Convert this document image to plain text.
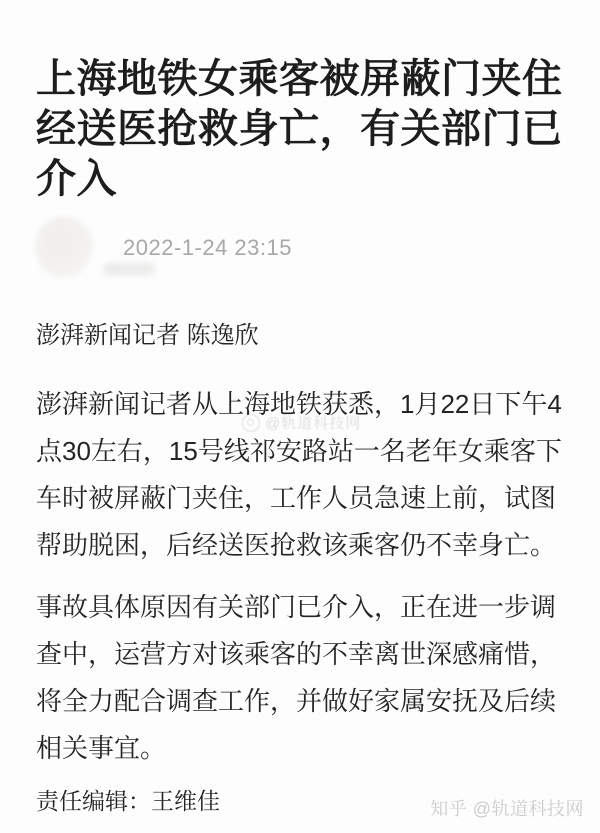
上海地铁女乘客被屏蔽门夹住
经送医抢救身亡，有关部门已
介入
2022-1-24 23:15
澎湃新闻记者 陈逸欣

澎湃新闻记者从上海地铁获悉，1月22日下午4
点30左右，15号线祁安路站一名老年女乘客下
车时被屏蔽门夹住，工作人员急速上前，试图
帮助脱困，后经送医抢救该乘客仍不幸身亡。

事故具体原因有关部门已介入，正在进一步调
查中，运营方对该乘客的不幸离世深感痛惜，
将全力配合调查工作，并做好家属安抚及后续
相关事宜。

@轨道科技网
责任编辑：王维佳	知乎 @轨道科技网
